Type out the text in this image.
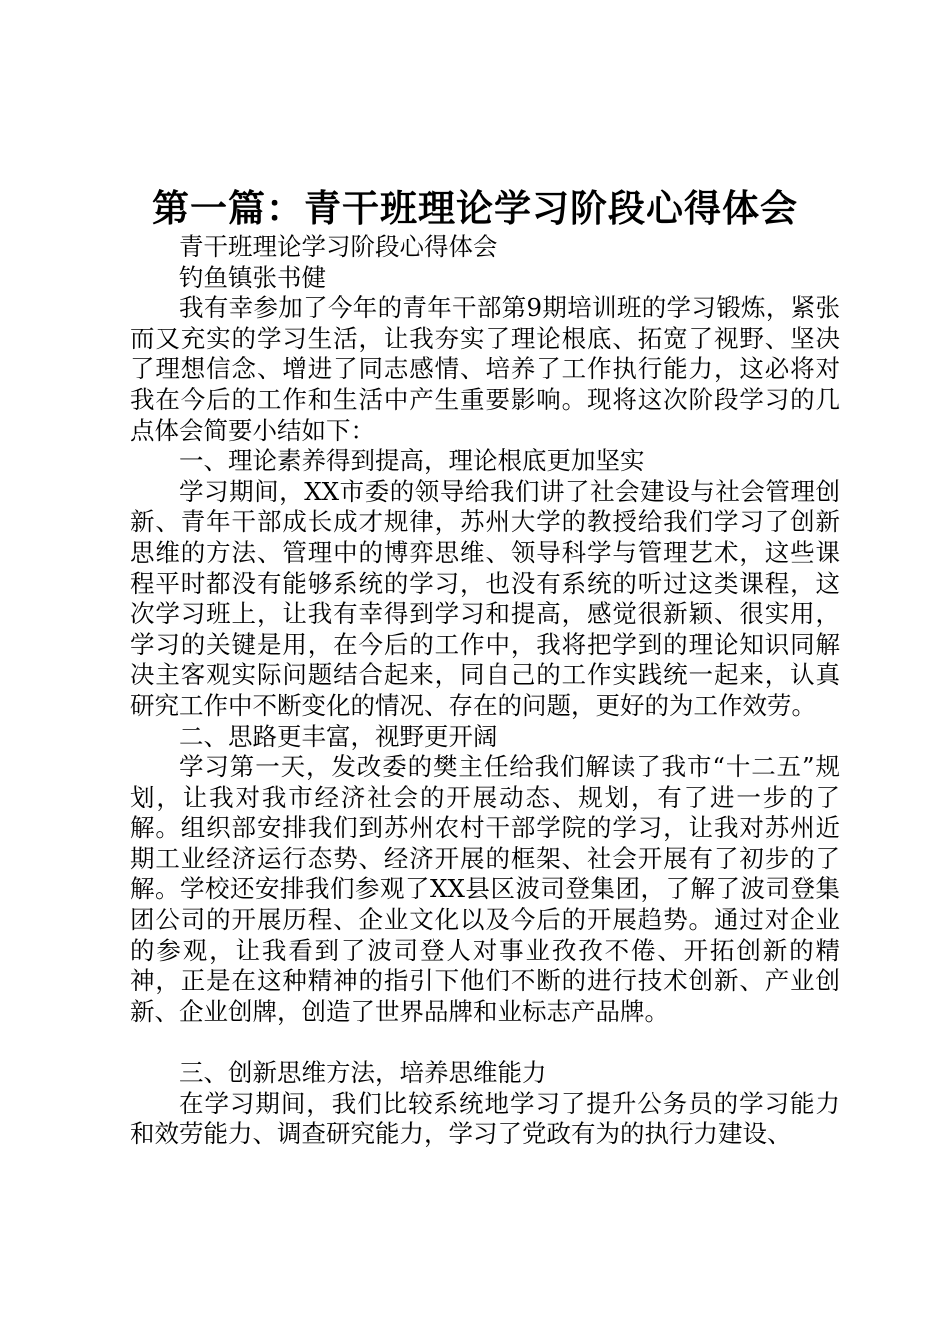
第一篇：青干班理论学习阶段心得体会

青干班理论学习阶段心得体会

钓鱼镇张书健

我有幸参加了今年的青年干部第9期培训班的学习锻炼，紧张而又充实的学习生活，让我夯实了理论根底、拓宽了视野、坚决了理想信念、增进了同志感情、培养了工作执行能力，这必将对我在今后的工作和生活中产生重要影响。现将这次阶段学习的几点体会简要小结如下：

一、理论素养得到提高，理论根底更加坚实

学习期间，XX市委的领导给我们讲了社会建设与社会管理创新、青年干部成长成才规律，苏州大学的教授给我们学习了创新思维的方法、管理中的博弈思维、领导科学与管理艺术，这些课程平时都没有能够系统的学习，也没有系统的听过这类课程，这次学习班上，让我有幸得到学习和提高，感觉很新颖、很实用，学习的关键是用，在今后的工作中，我将把学到的理论知识同解决主客观实际问题结合起来，同自己的工作实践统一起来，认真研究工作中不断变化的情况、存在的问题，更好的为工作效劳。

二、思路更丰富，视野更开阔

学习第一天，发改委的樊主任给我们解读了我市“十二五”规划，让我对我市经济社会的开展动态、规划，有了进一步的了解。组织部安排我们到苏州农村干部学院的学习，让我对苏州近期工业经济运行态势、经济开展的框架、社会开展有了初步的了解。学校还安排我们参观了XX县区波司登集团，了解了波司登集团公司的开展历程、企业文化以及今后的开展趋势。通过对企业的参观，让我看到了波司登人对事业孜孜不倦、开拓创新的精神，正是在这种精神的指引下他们不断的进行技术创新、产业创新、企业创牌，创造了世界品牌和业标志产品牌。

三、创新思维方法，培养思维能力

在学习期间，我们比较系统地学习了提升公务员的学习能力和效劳能力、调查研究能力，学习了党政有为的执行力建设、
